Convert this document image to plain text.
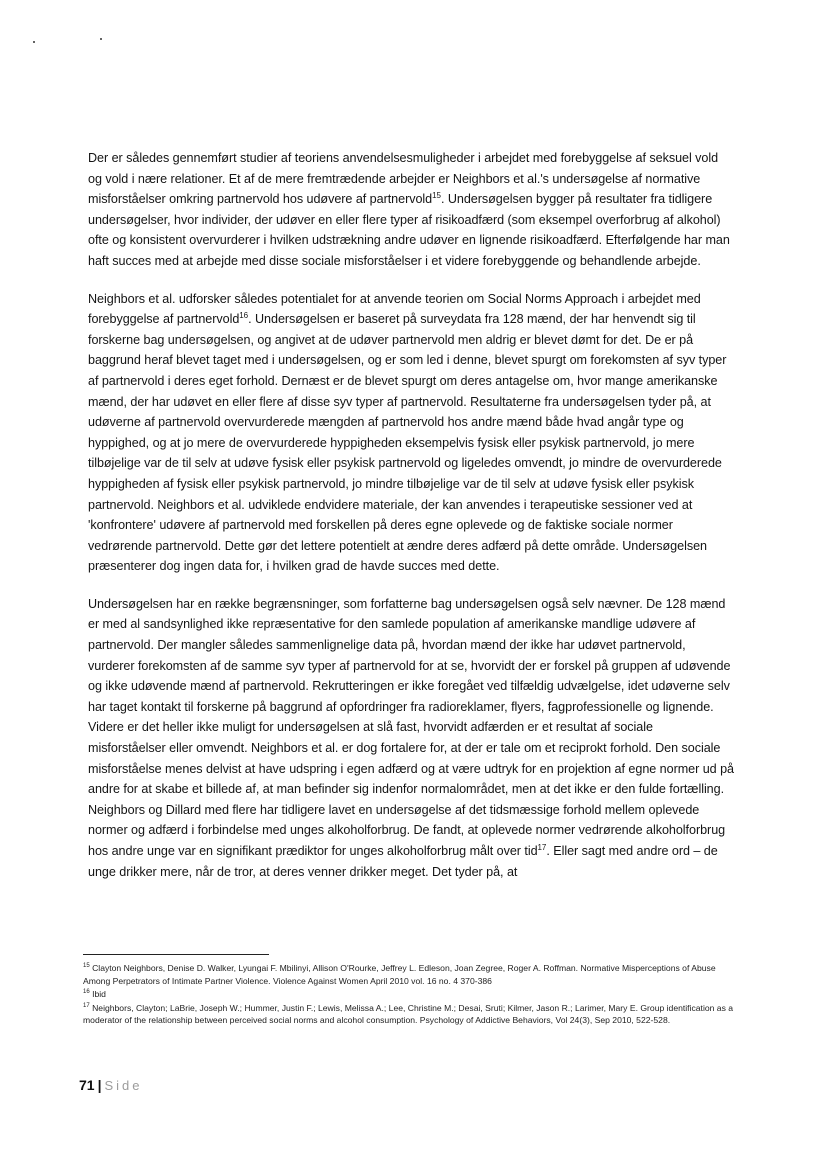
Der er således gennemført studier af teoriens anvendelsesmuligheder i arbejdet med forebyggelse af seksuel vold og vold i nære relationer. Et af de mere fremtrædende arbejder er Neighbors et al.'s undersøgelse af normative misforståelser omkring partnervold hos udøvere af partnervold$^{15}$. Undersøgelsen bygger på resultater fra tidligere undersøgelser, hvor individer, der udøver en eller flere typer af risikoadfærd (som eksempel overforbrug af alkohol) ofte og konsistent overvurderer i hvilken udstrækning andre udøver en lignende risikoadfærd. Efterfølgende har man haft succes med at arbejde med disse sociale misforståelser i et videre forebyggende og behandlende arbejde.

Neighbors et al. udforsker således potentialet for at anvende teorien om Social Norms Approach i arbejdet med forebyggelse af partnervold$^{16}$. Undersøgelsen er baseret på surveydata fra 128 mænd, der har henvendt sig til forskerne bag undersøgelsen, og angivet at de udøver partnervold men aldrig er blevet dømt for det. De er på baggrund heraf blevet taget med i undersøgelsen, og er som led i denne, blevet spurgt om forekomsten af syv typer af partnervold i deres eget forhold. Dernæst er de blevet spurgt om deres antagelse om, hvor mange amerikanske mænd, der har udøvet en eller flere af disse syv typer af partnervold. Resultaterne fra undersøgelsen tyder på, at udøverne af partnervold overvurderede mængden af partnervold hos andre mænd både hvad angår type og hyppighed, og at jo mere de overvurderede hyppigheden eksempelvis fysisk eller psykisk partnervold, jo mere tilbøjelige var de til selv at udøve fysisk eller psykisk partnervold og ligeledes omvendt, jo mindre de overvurderede hyppigheden af fysisk eller psykisk partnervold, jo mindre tilbøjelige var de til selv at udøve fysisk eller psykisk partnervold. Neighbors et al. udviklede endvidere materiale, der kan anvendes i terapeutiske sessioner ved at 'konfrontere' udøvere af partnervold med forskellen på deres egne oplevede og de faktiske sociale normer vedrørende partnervold. Dette gør det lettere potentielt at ændre deres adfærd på dette område. Undersøgelsen præsenterer dog ingen data for, i hvilken grad de havde succes med dette.

Undersøgelsen har en række begrænsninger, som forfatterne bag undersøgelsen også selv nævner. De 128 mænd er med al sandsynlighed ikke repræsentative for den samlede population af amerikanske mandlige udøvere af partnervold. Der mangler således sammenlignelige data på, hvordan mænd der ikke har udøvet partnervold, vurderer forekomsten af de samme syv typer af partnervold for at se, hvorvidt der er forskel på gruppen af udøvende og ikke udøvende mænd af partnervold. Rekrutteringen er ikke foregået ved tilfældig udvælgelse, idet udøverne selv har taget kontakt til forskerne på baggrund af opfordringer fra radioreklamer, flyers, fagprofessionelle og lignende. Videre er det heller ikke muligt for undersøgelsen at slå fast, hvorvidt adfærden er et resultat af sociale misforståelser eller omvendt. Neighbors et al. er dog fortalere for, at der er tale om et reciprokt forhold. Den sociale misforståelse menes delvist at have udspring i egen adfærd og at være udtryk for en projektion af egne normer ud på andre for at skabe et billede af, at man befinder sig indenfor normalområdet, men at det ikke er den fulde fortælling. Neighbors og Dillard med flere har tidligere lavet en undersøgelse af det tidsmæssige forhold mellem oplevede normer og adfærd i forbindelse med unges alkoholforbrug. De fandt, at oplevede normer vedrørende alkoholforbrug hos andre unge var en signifikant prædiktor for unges alkoholforbrug målt over tid$^{17}$. Eller sagt med andre ord – de unge drikker mere, når de tror, at deres venner drikker meget. Det tyder på, at

$^{15}$ Clayton Neighbors, Denise D. Walker, Lyungai F. Mbilinyi, Allison O'Rourke, Jeffrey L. Edleson, Joan Zegree, Roger A. Roffman. Normative Misperceptions of Abuse Among Perpetrators of Intimate Partner Violence. Violence Against Women April 2010 vol. 16 no. 4 370-386

$^{16}$ Ibid

$^{17}$ Neighbors, Clayton; LaBrie, Joseph W.; Hummer, Justin F.; Lewis, Melissa A.; Lee, Christine M.; Desai, Sruti; Kilmer, Jason R.; Larimer, Mary E. Group identification as a moderator of the relationship between perceived social norms and alcohol consumption. Psychology of Addictive Behaviors, Vol 24(3), Sep 2010, 522-528.

71 | Side
